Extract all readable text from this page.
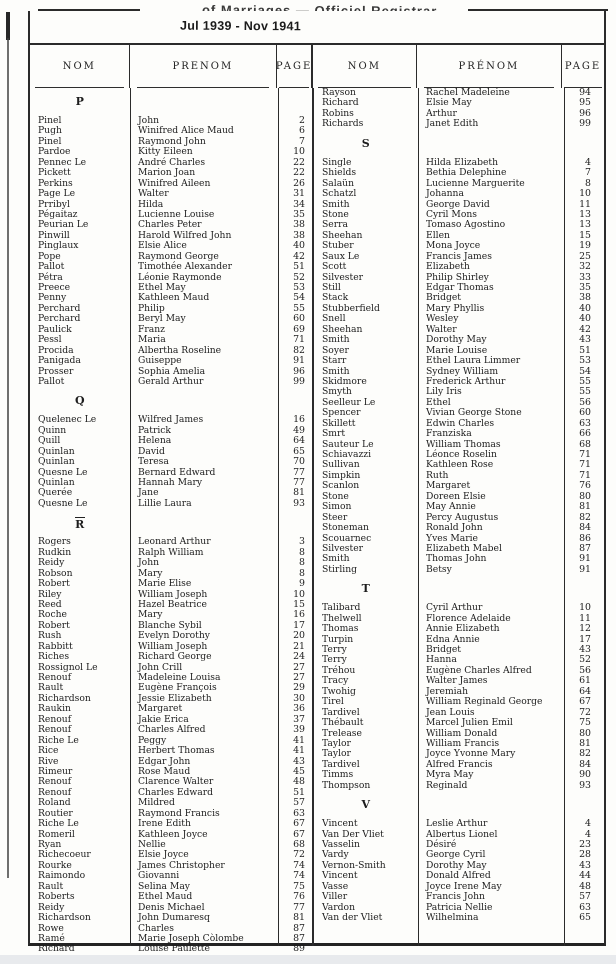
Jul 1939 - Nov 1941
NOM	PRENOM	PAGE	NOM	PRÉNOM	PAGE
P
Pinel	John	2
Pugh	Winifred Alice Maud	6
Pinel	Raymond John	7
Pardoe	Kitty Eileen	10
Pennec Le	André Charles	22
Pickett	Marion Joan	22
Perkins	Winifred Aileen	26
Page Le	Walter	31
Prribyl	Hilda	34
Pégaitaz	Lucienne Louise	35
Peurian Le	Charles Peter	38
Pinwill	Harold Wilfred John	38
Pinglaux	Elsie Alice	40
Pope	Raymond George	42
Pallot	Timothée Alexander	51
Pétra	Léonie Raymonde	52
Preece	Ethel May	53
Penny	Kathleen Maud	54
Perchard	Philip	55
Perchard	Beryl May	60
Paulick	Franz	69
Pessl	Maria	71
Procida	Albertha Roseline	82
Panigada	Guiseppe	91
Prosser	Sophia Amelia	96
Pallot	Gerald Arthur	99
Q
Quelenec Le	Wilfred James	16
Quinn	Patrick	49
Quill	Helena	64
Quinlan	David	65
Quinlan	Teresa	70
Quesne Le	Bernard Edward	77
Quinlan	Hannah Mary	77
Querée	Jane	81
Quesne Le	Lillie Laura	93
R
Rogers	Leonard Arthur	3
Rudkin	Ralph William	8
Reidy	John	8
Robson	Mary	8
Robert	Marie Elise	9
Riley	William Joseph	10
Reed	Hazel Beatrice	15
Roche	Mary	16
Robert	Blanche Sybil	17
Rush	Evelyn Dorothy	20
Rabbitt	William Joseph	21
Riches	Richard George	24
Rossignol Le	John Crill	27
Renouf	Madeleine Louisa	27
Rault	Eugène François	29
Richardson	Jessie Elizabeth	30
Raukin	Margaret	36
Renouf	Jakie Erica	37
Renouf	Charles Alfred	39
Riche Le	Peggy	41
Rice	Herbert Thomas	41
Rive	Edgar John	43
Rimeur	Rose Maud	45
Renouf	Clarence Walter	48
Renouf	Charles Edward	51
Roland	Mildred	57
Routier	Raymond Francis	63
Riche Le	Irene Edith	67
Romeril	Kathleen Joyce	67
Ryan	Nellie	68
Richecoeur	Elsie Joyce	72
Rourke	James Christopher	74
Raimondo	Giovanni	74
Rault	Selina May	75
Roberts	Ethel Maud	76
Reidy	Denis Michael	77
Richardson	John Dumaresq	81
Rowe	Charles	87
Ramé	Marie Joseph Còlombe	87
Richard	Louise Paulette	89
Rayson	Rachel Madeleine	94
Richard	Elsie May	95
Robins	Arthur	96
Richards	Janet Edith	99
S
Single	Hilda Elizabeth	4
Shields	Bethia Delephine	7
Salaün	Lucienne Marguerite	8
Schatzl	Johanna	10
Smith	George David	11
Stone	Cyril Mons	13
Serra	Tomaso Agostino	13
Sheehan	Ellen	15
Stuber	Mona Joyce	19
Saux Le	Francis James	25
Scott	Elizabeth	32
Silvester	Philip Shirley	33
Still	Edgar Thomas	35
Stack	Bridget	38
Stubberfield	Mary Phyllis	40
Snell	Wesley	40
Sheehan	Walter	42
Smith	Dorothy May	43
Soyer	Marie Louise	51
Starr	Ethel Laura Limmer	53
Smith	Sydney William	54
Skidmore	Frederick Arthur	55
Smyth	Lily Iris	55
Seelleur Le	Ethel	56
Spencer	Vivian George Stone	60
Skillett	Edwin Charles	63
Smrt	Franziska	66
Sauteur Le	William Thomas	68
Schiavazzi	Léonce Roselin	71
Sullivan	Kathleen Rose	71
Simpkin	Ruth	71
Scanlon	Margaret	76
Stone	Doreen Elsie	80
Simon	May Annie	81
Steer	Percy Augustus	82
Stoneman	Ronald John	84
Scouarnec	Yves Marie	86
Silvester	Elizabeth Mabel	87
Smith	Thomas John	91
Stirling	Betsy	91
T
Talibard	Cyril Arthur	10
Thelwell	Florence Adelaide	11
Thomas	Annie Elizabeth	12
Turpin	Edna Annie	17
Terry	Bridget	43
Terry	Hanna	52
Tréhou	Eugène Charles Alfred	56
Tracy	Walter James	61
Twohig	Jeremiah	64
Tirel	William Reginald George	67
Tardivel	Jean Louis	72
Thébault	Marcel Julien Emil	75
Trelease	William Donald	80
Taylor	William Francis	81
Taylor	Joyce Yvonne Mary	82
Tardivel	Alfred Francis	84
Timms	Myra May	90
Thompson	Reginald	93
V
Vincent	Leslie Arthur	4
Van Der Vliet	Albertus Lionel	4
Vasselin	Désiré	23
Vardy	George Cyril	28
Vernon-Smith	Dorothy May	43
Vincent	Donald Alfred	44
Vasse	Joyce Irene May	48
Viller	Francis John	57
Vardon	Patricia Nellie	63
Van der Vliet	Wilhelmina	65
